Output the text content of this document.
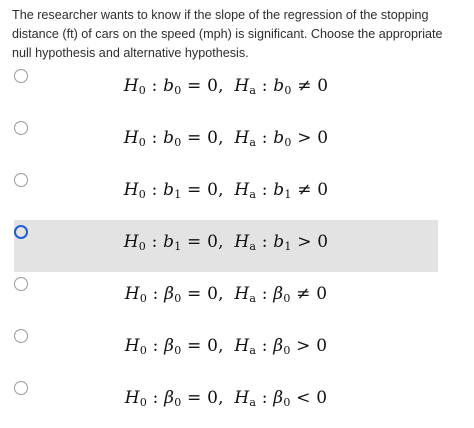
The researcher wants to know if the slope of the regression of the stopping distance (ft) of cars on the speed (mph) is significant. Choose the appropriate null hypothesis and alternative hypothesis.
$H_0$ : $b_0 = 0$, $H_a$ : $b_0 \ne 0$
$H_0$ : $b_0 = 0$, $H_a$ : $b_0 > 0$
$H_0$ : $b_1 = 0$, $H_a$ : $b_1 \ne 0$
$H_0$ : $b_1 = 0$, $H_a$ : $b_1 > 0$
$H_0$ : $\beta_0 = 0$, $H_a$ : $\beta_0 \ne 0$
$H_0$ : $\beta_0 = 0$, $H_a$ : $\beta_0 > 0$
$H_0$ : $\beta_0 = 0$, $H_a$ : $\beta_0 < 0$
